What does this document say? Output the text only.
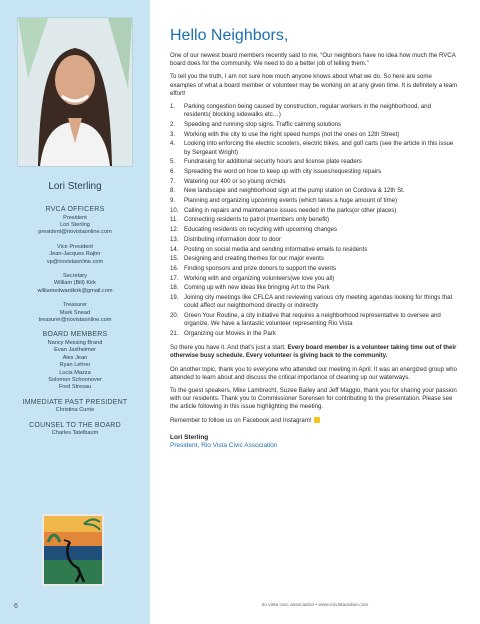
Lori Sterling
RVCA OFFICERS
President
Lori Sterling
president@riovistaonline.com
Vice President
Jean-Jacques Rajter
vp@riovistaonline.com
Secretary
William (Bill) Kirk
williamedwardkirk@gmail.com
Treasurer
Mark Snead
treasurer@riovistaonline.com
BOARD MEMBERS
Nancy Messing Brand
Evan Jaxtheimer
Alex Jean
Ryan Lehrer
Lucia Mazza
Solomon Schoonover
Fred Stresau
IMMEDIATE PAST PRESIDENT
Christina Currie
COUNSEL TO THE BOARD
Charles Tatelbaum
6
Hello Neighbors,

One of our newest board members recently said to me, “Our neighbors have no idea how much the RVCA board does for the community. We need to do a better job of telling them.”

To tell you the truth, I am not sure how much anyone knows about what we do. So here are some examples of what a board member or volunteer may be working on at any given time. It is definitely a team effort!

1. Parking congestion being caused by construction, regular workers in the neighborhood, and residents( blocking sidewalks etc…)
2. Speeding and running stop signs. Traffic calming solutions
3. Working with the city to use the right speed humps (not the ones on 12th Street)
4. Looking into enforcing the electric scooters, electric bikes, and golf carts (see the article in this issue by Sergeant Wright)
5. Fundraising for additional security hours and license plate readers
6. Spreading the word on how to keep up with city issues/requesting repairs
7. Watering our 400 or so young orchids
8. New landscape and neighborhood sign at the pump station on Cordova & 12th St.
9. Planning and organizing upcoming events (which takes a huge amount of time)
10. Calling in repairs and maintenance issues needed in the parks(or other places)
11. Connecting residents to patrol (members only benefit)
12. Educating residents on recycling with upcoming changes
13. Distributing information door to door
14. Posting on social media and sending informative emails to residents
15. Designing and creating themes for our major events
16. Finding sponsors and prize donors to support the events
17. Working with and organizing volunteers(we love you all)
18. Coming up with new ideas like bringing Art to the Park
19. Joining city meetings like CFLCA and reviewing various city meeting agendas looking for things that could affect our neighborhood directly or indirectly
20. Green Your Routine, a city initiative that requires a neighborhood representative to oversee and organize. We have a fantastic volunteer representing Rio Vista
21. Organizing our Movies in the Park

So there you have it. And that’s just a start. Every board member is a volunteer taking time out of their otherwise busy schedule. Every volunteer is giving back to the community.

On another topic, thank you to everyone who attended our meeting in April. It was an energized group who attended to learn about and discuss the critical importance of cleaning up our waterways.

To the guest speakers, Mike Lambrecht, Suzee Bailey and Jeff Maggio, thank you for sharing your passion with our residents. Thank you to Commissioner Sorensen for contributing to the presentation. Please see the article following in this issue highlighting the meeting.

Remember to follow us on Facebook and Instagram!

Lori Sterling
President, Rio Vista Civic Association
rio vista civic association • www.riovistaonline.com
